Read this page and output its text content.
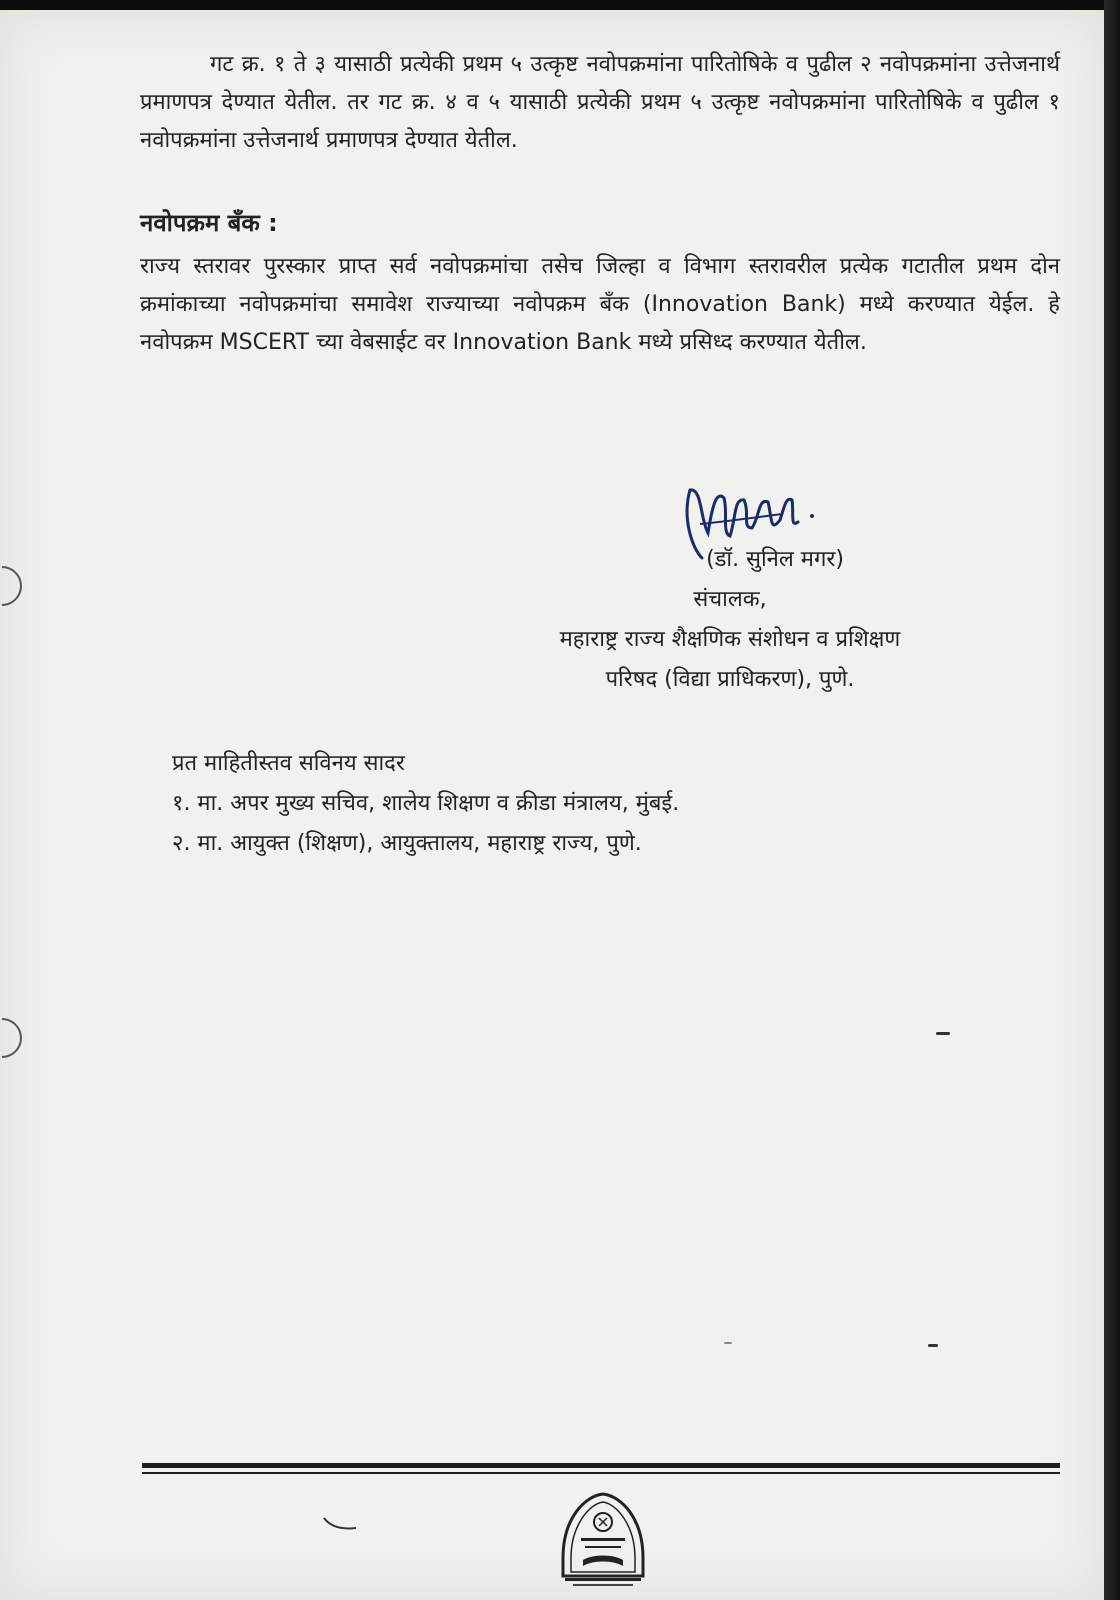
गट क्र. १ ते ३ यासाठी प्रत्येकी प्रथम ५ उत्कृष्ट नवोपक्रमांना पारितोषिके व पुढील २ नवोपक्रमांना उत्तेजनार्थ प्रमाणपत्र देण्यात येतील. तर गट क्र. ४ व ५ यासाठी प्रत्येकी प्रथम ५ उत्कृष्ट नवोपक्रमांना पारितोषिके व पुढील १ नवोपक्रमांना उत्तेजनार्थ प्रमाणपत्र देण्यात येतील.

नवोपक्रम बँक :

राज्य स्तरावर पुरस्कार प्राप्त सर्व नवोपक्रमांचा तसेच जिल्हा व विभाग स्तरावरील प्रत्येक गटातील प्रथम दोन क्रमांकाच्या नवोपक्रमांचा समावेश राज्याच्या नवोपक्रम बँक (Innovation Bank) मध्ये करण्यात येईल. हे नवोपक्रम MSCERT च्या वेबसाईट वर Innovation Bank मध्ये प्रसिध्द करण्यात येतील.

(डॉ. सुनिल मगर)
संचालक,
महाराष्ट्र राज्य शैक्षणिक संशोधन व प्रशिक्षण
परिषद (विद्या प्राधिकरण), पुणे.
प्रत माहितीस्तव सविनय सादर
१. मा. अपर मुख्य सचिव, शालेय शिक्षण व क्रीडा मंत्रालय, मुंबई.
२. मा. आयुक्त (शिक्षण), आयुक्तालय, महाराष्ट्र राज्य, पुणे.
